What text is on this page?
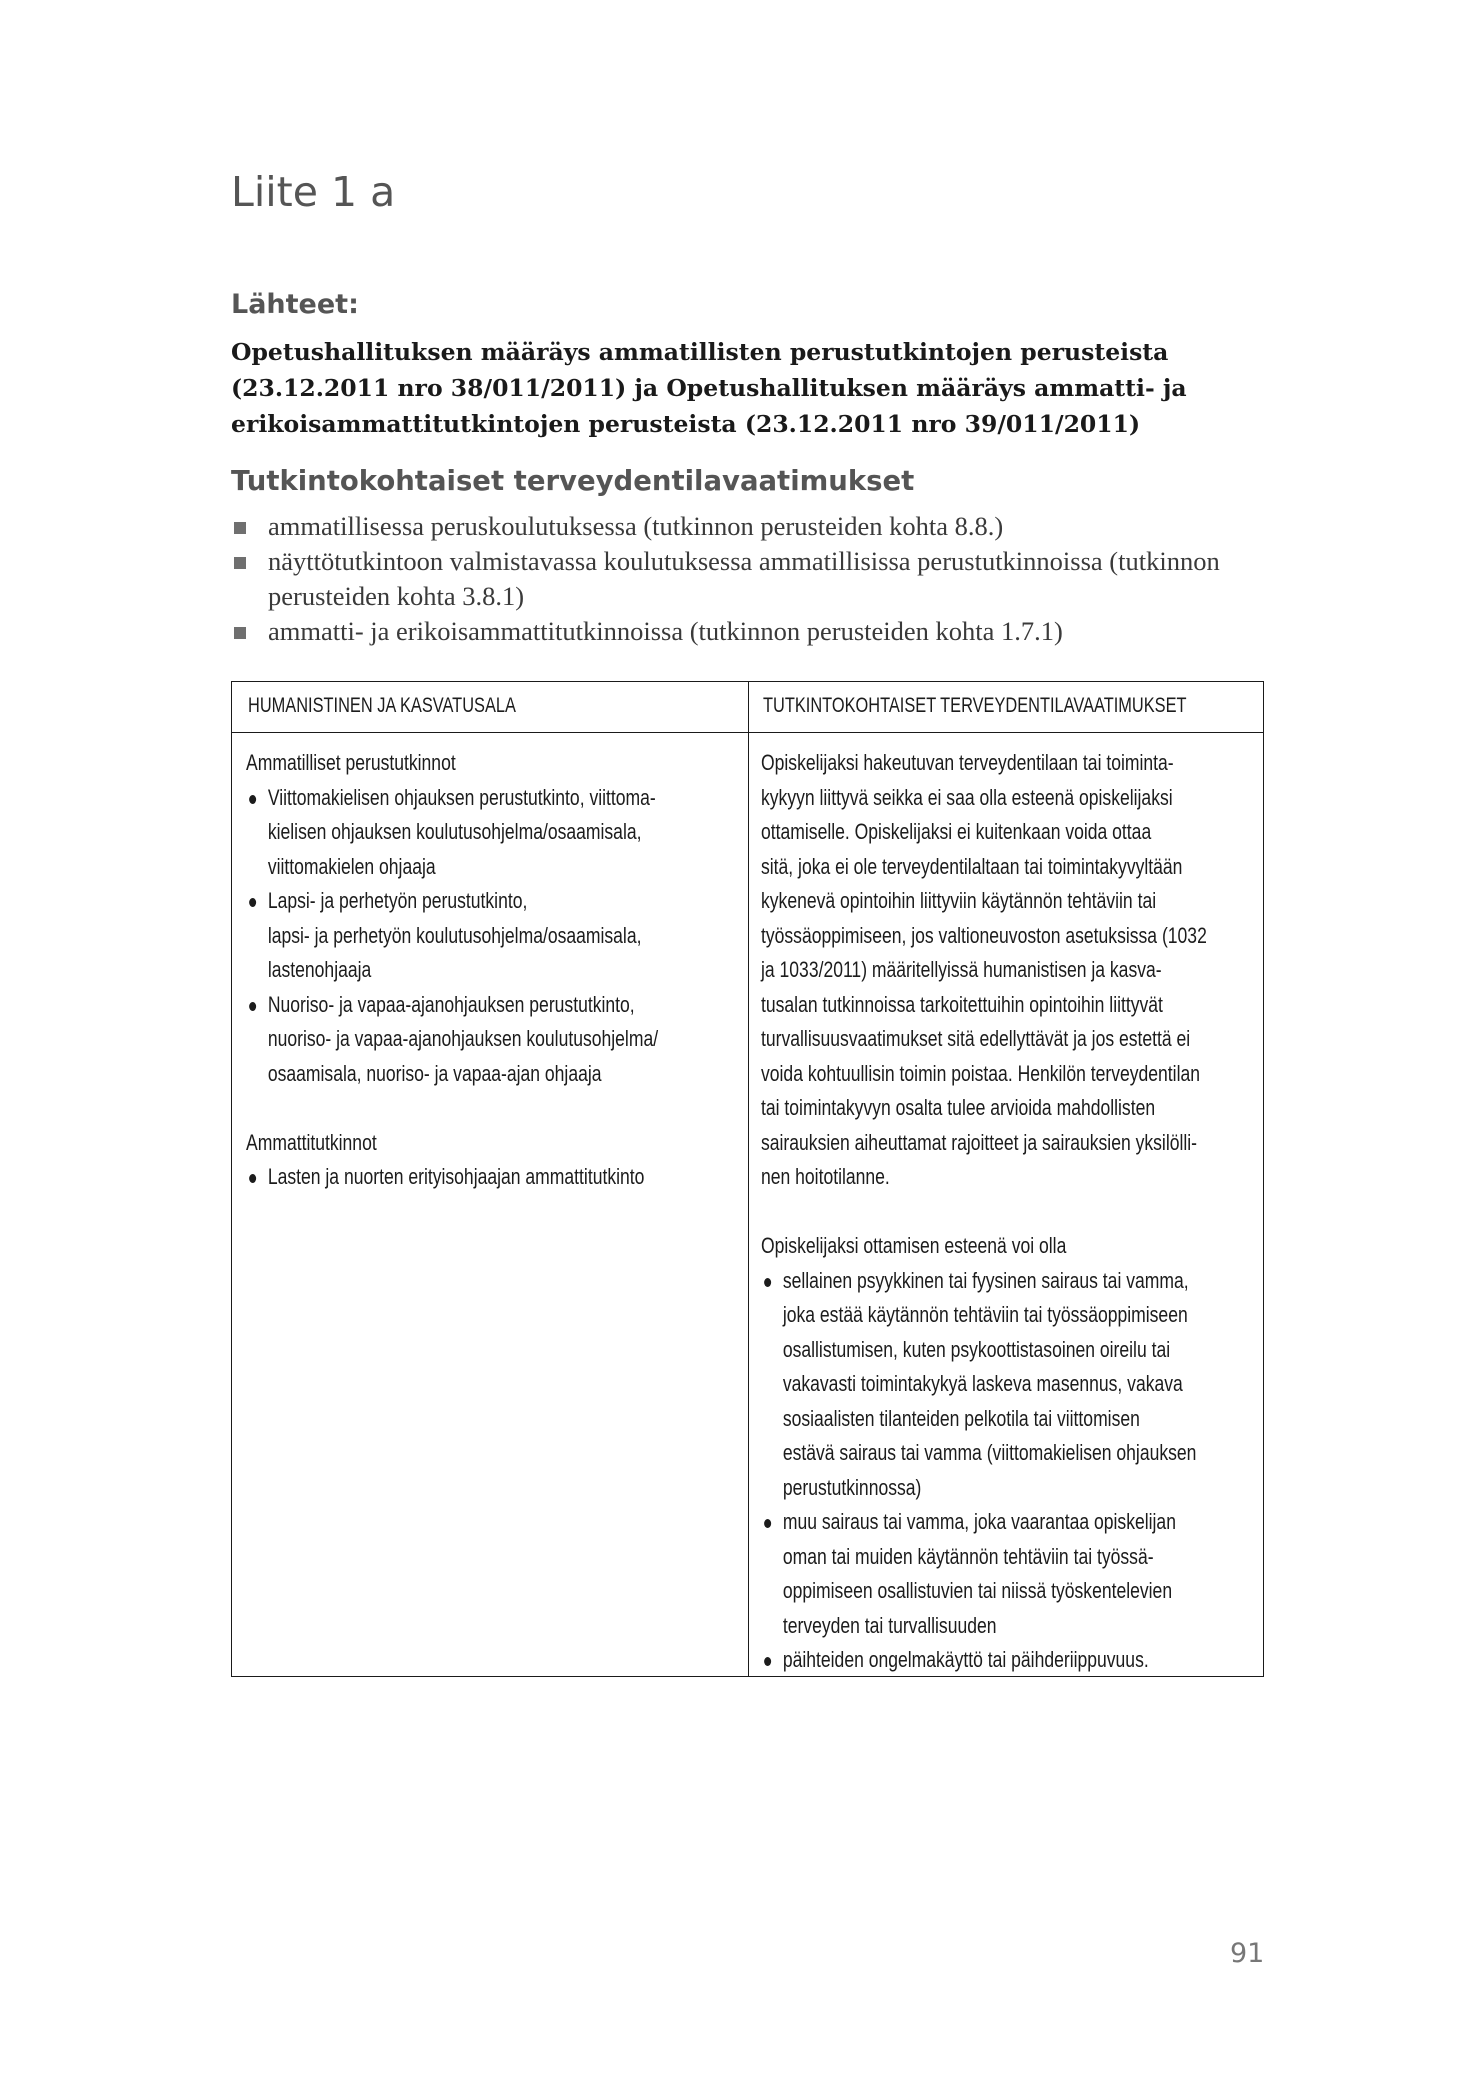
Liite 1 a
Lähteet:

Opetushallituksen määräys ammatillisten perustutkintojen perusteista (23.12.2011 nro 38/011/2011) ja Opetushallituksen määräys ammatti- ja erikoisammattitutkintojen perusteista (23.12.2011 nro 39/011/2011)

Tutkintokohtaiset terveydentilavaatimukset
ammatillisessa peruskoulutuksessa (tutkinnon perusteiden kohta 8.8.)
näyttötutkintoon valmistavassa koulutuksessa ammatillisissa perustutkinnoissa (tutkinnon perusteiden kohta 3.8.1)
ammatti- ja erikoisammattitutkinnoissa (tutkinnon perusteiden kohta 1.7.1)
HUMANISTINEN JA KASVATUSALA	TUTKINTOKOHTAISET TERVEYDENTILAVAATIMUKSET

Ammatilliset perustutkinnot

Viittomakielisen ohjauksen perustutkinto, viittoma-
kielisen ohjauksen koulutusohjelma/osaamisala,
viittomakielen ohjaaja
Lapsi- ja perhetyön perustutkinto,
lapsi- ja perhetyön koulutusohjelma/osaamisala,
lastenohjaaja
Nuoriso- ja vapaa-ajanohjauksen perustutkinto,
nuoriso- ja vapaa-ajanohjauksen koulutusohjelma/
osaamisala, nuoriso- ja vapaa-ajan ohjaaja

Ammattitutkinnot

Lasten ja nuorten erityisohjaajan ammattitutkinto

Opiskelijaksi hakeutuvan terveydentilaan tai toiminta-
kykyyn liittyvä seikka ei saa olla esteenä opiskelijaksi
ottamiselle. Opiskelijaksi ei kuitenkaan voida ottaa
sitä, joka ei ole terveydentilaltaan tai toimintakyvyltään
kykenevä opintoihin liittyviin käytännön tehtäviin tai
työssäoppimiseen, jos valtioneuvoston asetuksissa (1032
ja 1033/2011) määritellyissä humanistisen ja kasva-
tusalan tutkinnoissa tarkoitettuihin opintoihin liittyvät
turvallisuusvaatimukset sitä edellyttävät ja jos estettä ei
voida kohtuullisin toimin poistaa. Henkilön terveydentilan
tai toimintakyvyn osalta tulee arvioida mahdollisten
sairauksien aiheuttamat rajoitteet ja sairauksien yksilölli-
nen hoitotilanne.

Opiskelijaksi ottamisen esteenä voi olla

sellainen psyykkinen tai fyysinen sairaus tai vamma,
joka estää käytännön tehtäviin tai työssäoppimiseen
osallistumisen, kuten psykoottistasoinen oireilu tai
vakavasti toimintakykyä laskeva masennus, vakava
sosiaalisten tilanteiden pelkotila tai viittomisen
estävä sairaus tai vamma (viittomakielisen ohjauksen
perustutkinnossa)
muu sairaus tai vamma, joka vaarantaa opiskelijan
oman tai muiden käytännön tehtäviin tai työssä-
oppimiseen osallistuvien tai niissä työskentelevien
terveyden tai turvallisuuden
päihteiden ongelmakäyttö tai päihderiippuvuus.

91
